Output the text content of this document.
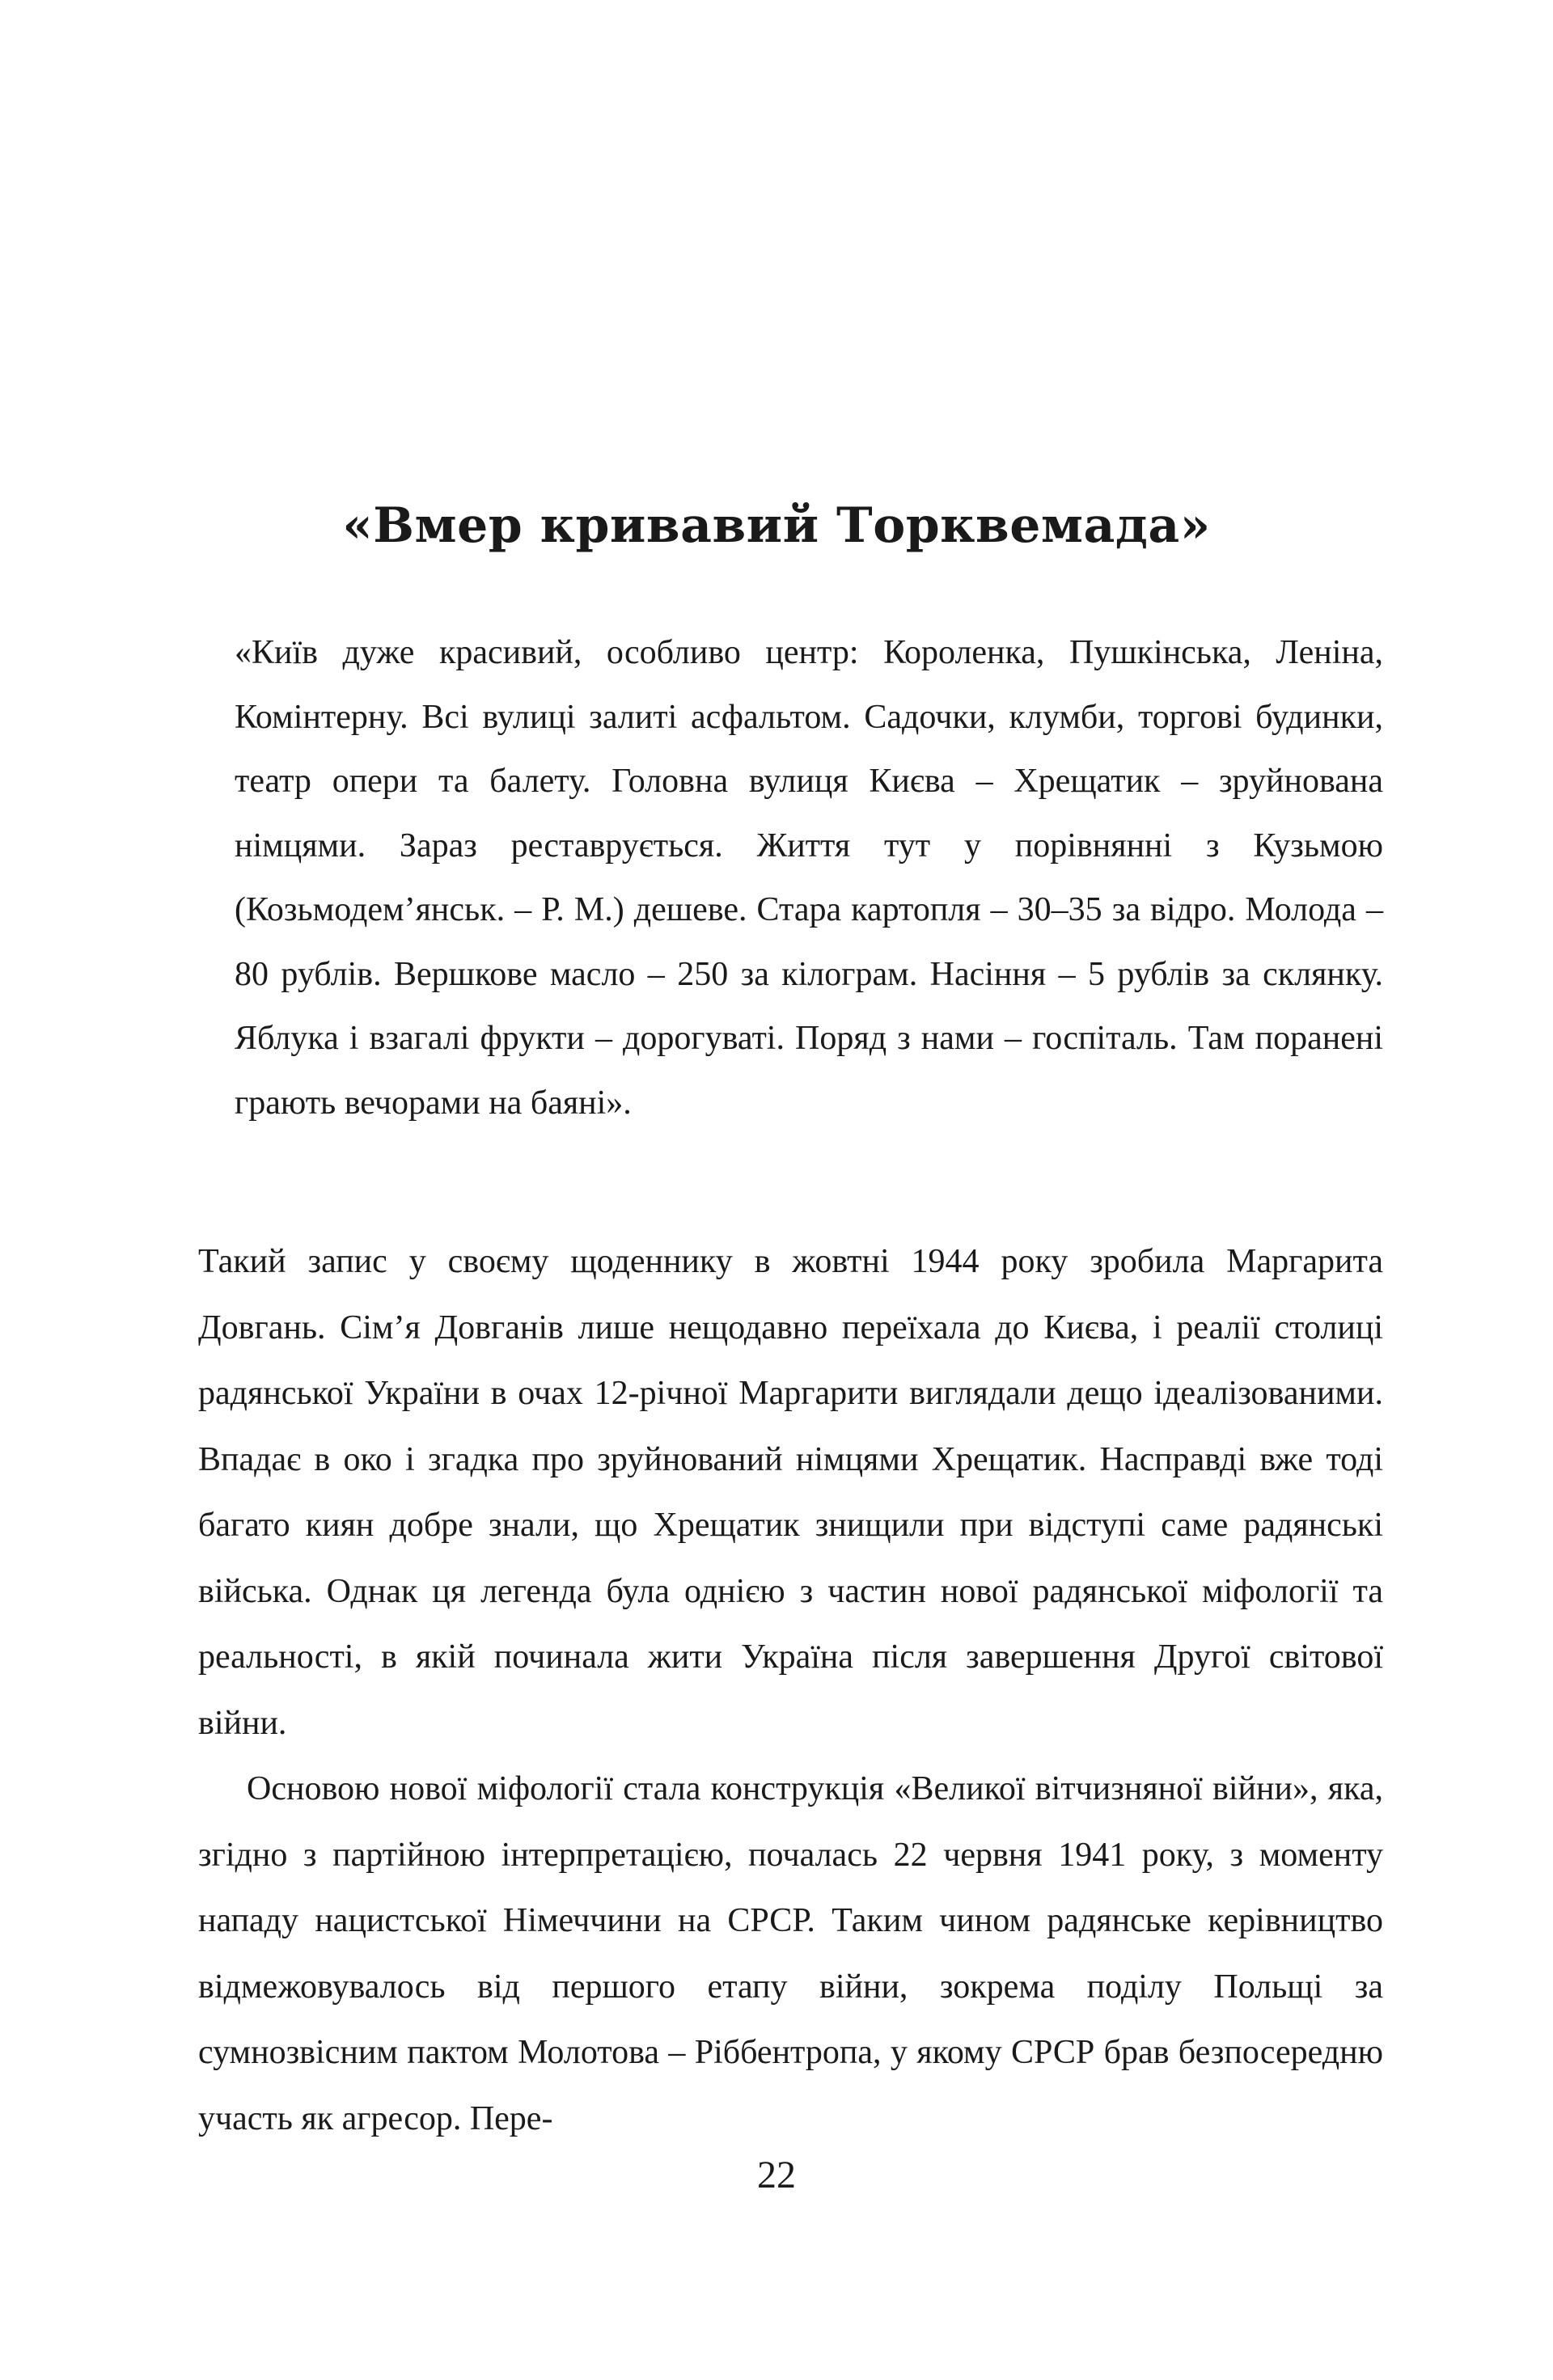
«Вмер кривавий Торквемада»

«Київ дуже красивий, особливо центр: Короленка, Пушкінська, Леніна, Комінтерну. Всі вулиці залиті асфальтом. Садочки, клумби, торгові будинки, театр опери та балету. Головна вулиця Києва – Хрещатик – зруйнована німцями. Зараз реставрується. Життя тут у порівнянні з Кузьмою (Козьмодем’янськ. – Р. М.) дешеве. Стара картопля – 30–35 за відро. Молода – 80 рублів. Вершкове масло – 250 за кілограм. Насіння – 5 рублів за склянку. Яблука і взагалі фрукти – дорогуваті. Поряд з нами – госпіталь. Там поранені грають вечорами на баяні».

Такий запис у своєму щоденнику в жовтні 1944 року зробила Маргарита Довгань. Сім’я Довганів лише нещодавно переїхала до Києва, і реалії столиці радянської України в очах 12-річної Маргарити виглядали дещо ідеалізованими. Впадає в око і згадка про зруйнований німцями Хрещатик. Насправді вже тоді багато киян добре знали, що Хрещатик знищили при відступі саме радянські війська. Однак ця легенда була однією з частин нової радянської міфології та реальності, в якій починала жити Україна після завершення Другої світової війни.

Основою нової міфології стала конструкція «Великої вітчизняної війни», яка, згідно з партійною інтерпретацією, почалась 22 червня 1941 року, з моменту нападу нацистської Німеччини на СРСР. Таким чином радянське керівництво відмежовувалось від першого етапу війни, зокрема поділу Польщі за сумнозвісним пактом Молотова – Ріббентропа, у якому СРСР брав безпосередню участь як агресор. Пере-

22
